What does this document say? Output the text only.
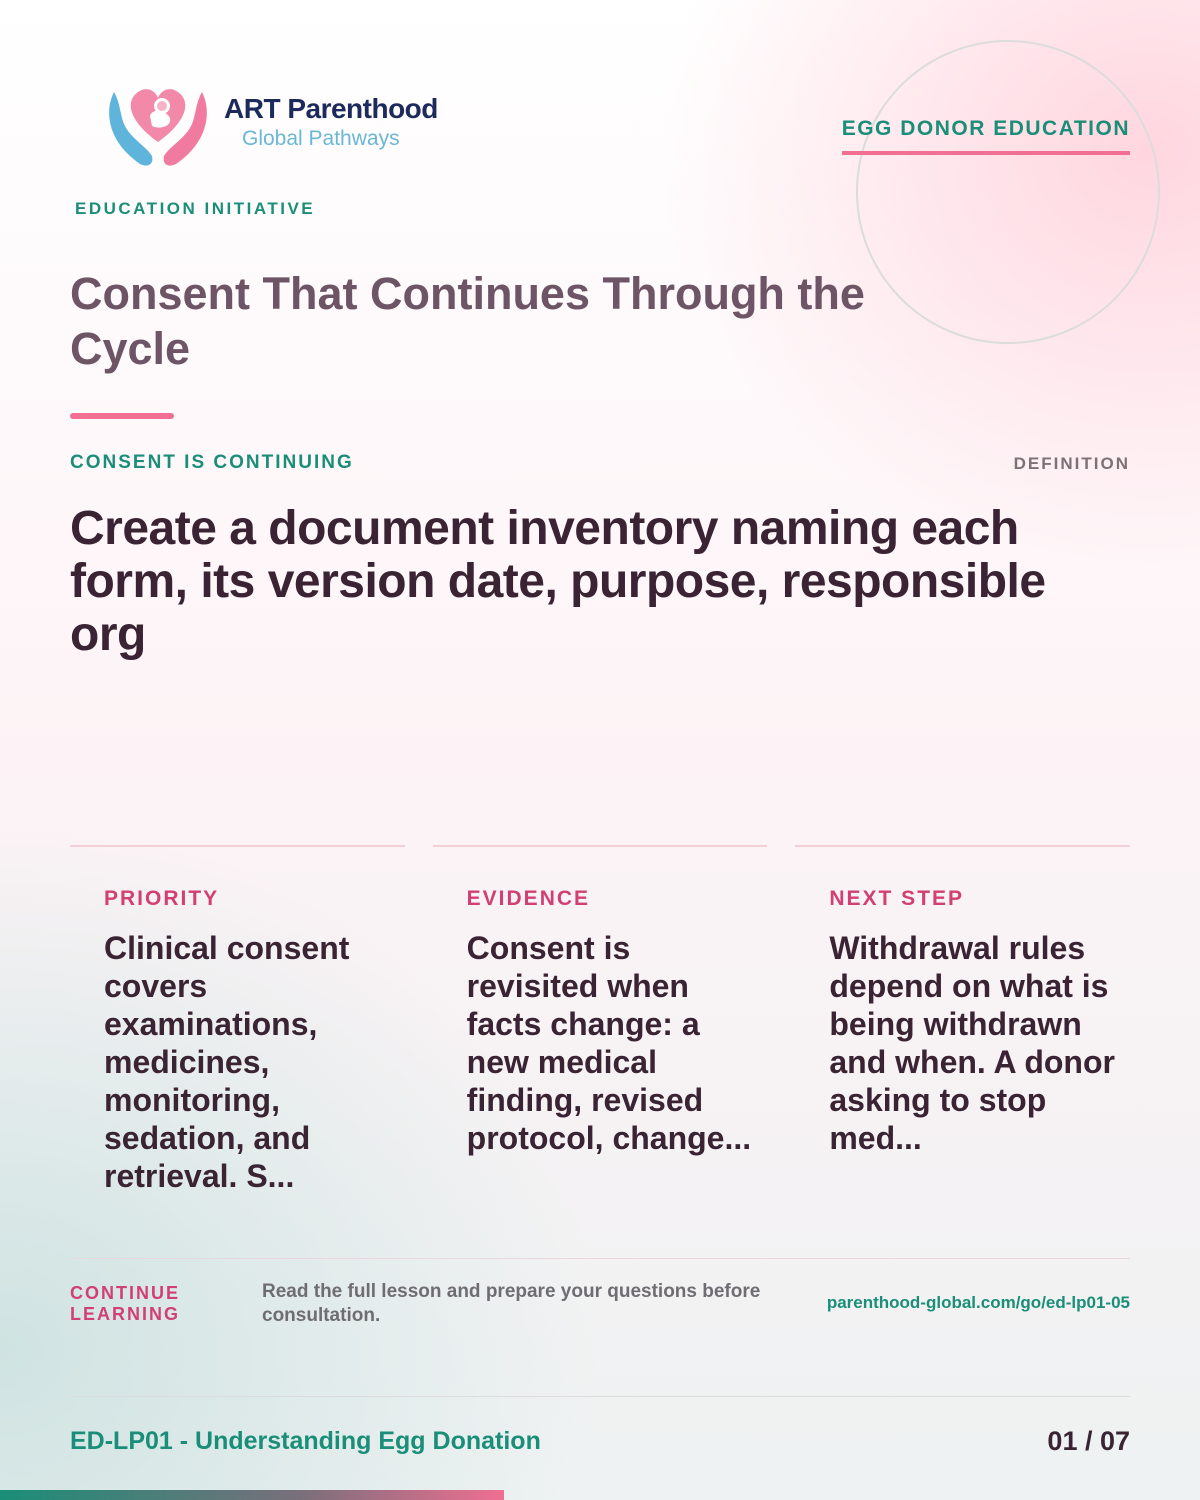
ART Parenthood
Global Pathways
EDUCATION INITIATIVE
EGG DONOR EDUCATION
Consent That Continues Through the Cycle
CONSENT IS CONTINUING	DEFINITION
Create a document inventory naming each form, its version date, purpose, responsible org
PRIORITY
Clinical consent covers examinations, medicines, monitoring, sedation, and retrieval. S...
EVIDENCE
Consent is revisited when facts change: a new medical finding, revised protocol, change...
NEXT STEP
Withdrawal rules depend on what is being withdrawn and when. A donor asking to stop med...
CONTINUE LEARNING
Read the full lesson and prepare your questions before consultation.
parenthood-global.com/go/ed-lp01-05
ED-LP01 - Understanding Egg Donation	01 / 07
